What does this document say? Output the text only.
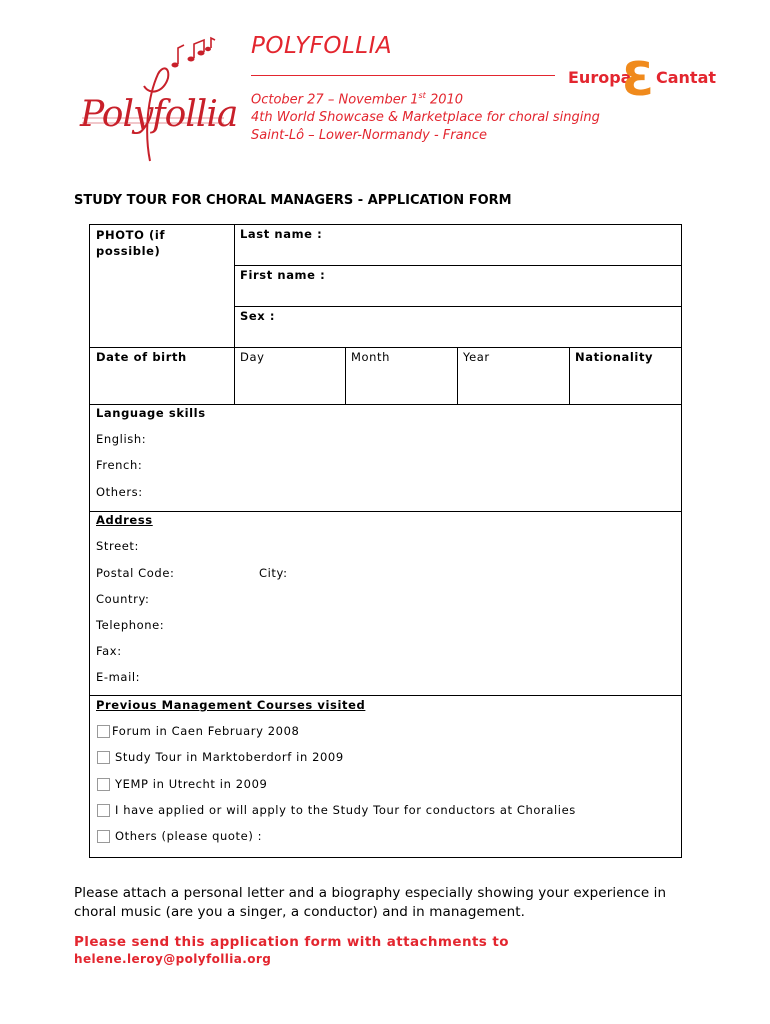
Polyfollia
POLYFOLLIA
October 27 – November 1st 2010
4th World Showcase & Marketplace for choral singing
Saint-Lô – Lower-Normandy - France
Europa
Ɛ Cantat
STUDY TOUR FOR CHORAL MANAGERS - APPLICATION FORM
PHOTO (if possible)
Last name :
First name :
Sex :
Date of birth	Day	Month	Year	Nationality
Language skills
English:
French:
Others:
Address
Street:
Postal Code:	City:
Country:
Telephone:
Fax:
E-mail:
Previous Management Courses visited
Forum in Caen February 2008
Study Tour in Marktoberdorf in 2009
YEMP in Utrecht in 2009
I have applied or will apply to the Study Tour for conductors at Choralies
Others (please quote) :
Please attach a personal letter and a biography especially showing your experience in
choral music (are you a singer, a conductor) and in management.
Please send this application form with attachments to
helene.leroy@polyfollia.org
